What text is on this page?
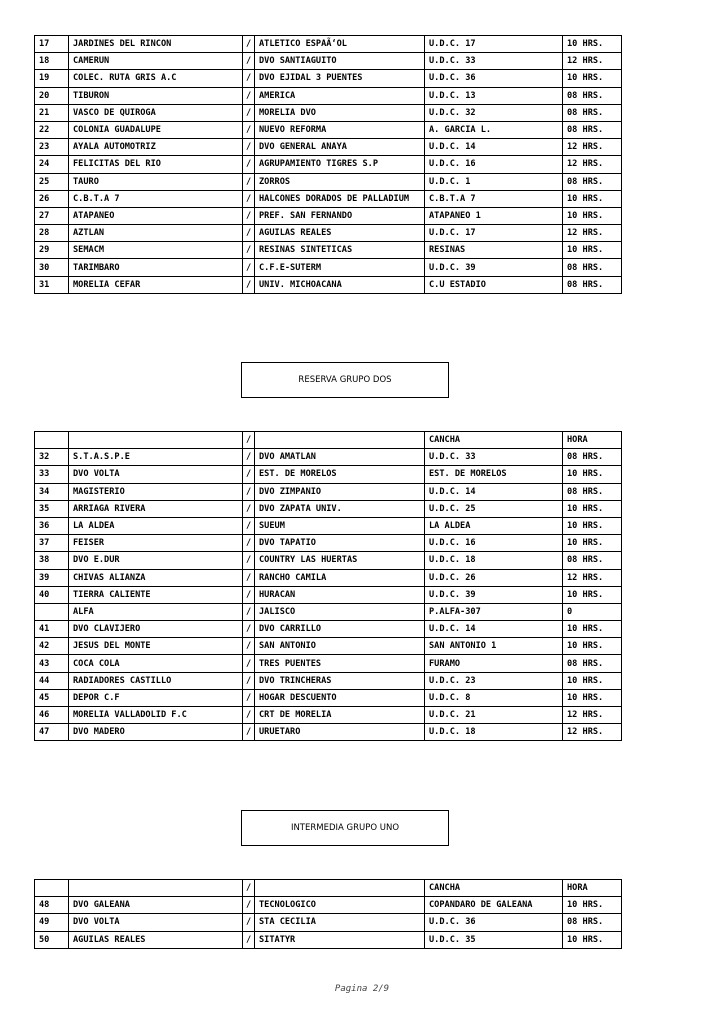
17	JARDINES DEL RINCON	/	ATLETICO ESPAÃ‘OL	U.D.C. 17	10 HRS.
18	CAMERUN	/	DVO SANTIAGUITO	U.D.C. 33	12 HRS.
19	COLEC. RUTA GRIS A.C	/	DVO EJIDAL 3 PUENTES	U.D.C. 36	10 HRS.
20	TIBURON	/	AMERICA	U.D.C. 13	08 HRS.
21	VASCO DE QUIROGA	/	MORELIA DVO	U.D.C. 32	08 HRS.
22	COLONIA GUADALUPE	/	NUEVO REFORMA	A. GARCIA L.	08 HRS.
23	AYALA AUTOMOTRIZ	/	DVO GENERAL ANAYA	U.D.C. 14	12 HRS.
24	FELICITAS DEL RIO	/	AGRUPAMIENTO TIGRES S.P	U.D.C. 16	12 HRS.
25	TAURO	/	ZORROS	U.D.C. 1	08 HRS.
26	C.B.T.A 7	/	HALCONES DORADOS DE PALLADIUM	C.B.T.A 7	10 HRS.
27	ATAPANEO	/	PREF. SAN FERNANDO	ATAPANEO 1	10 HRS.
28	AZTLAN	/	AGUILAS REALES	U.D.C. 17	12 HRS.
29	SEMACM	/	RESINAS SINTETICAS	RESINAS	10 HRS.
30	TARIMBARO	/	C.F.E-SUTERM	U.D.C. 39	08 HRS.
31	MORELIA CEFAR	/	UNIV. MICHOACANA	C.U ESTADIO	08 HRS.
RESERVA GRUPO DOS
		/		CANCHA	HORA
32	S.T.A.S.P.E	/	DVO AMATLAN	U.D.C. 33	08 HRS.
33	DVO VOLTA	/	EST. DE MORELOS	EST. DE MORELOS	10 HRS.
34	MAGISTERIO	/	DVO ZIMPANIO	U.D.C. 14	08 HRS.
35	ARRIAGA RIVERA	/	DVO ZAPATA UNIV.	U.D.C. 25	10 HRS.
36	LA ALDEA	/	SUEUM	LA ALDEA	10 HRS.
37	FEISER	/	DVO TAPATIO	U.D.C. 16	10 HRS.
38	DVO E.DUR	/	COUNTRY LAS HUERTAS	U.D.C. 18	08 HRS.
39	CHIVAS ALIANZA	/	RANCHO CAMILA	U.D.C. 26	12 HRS.
40	TIERRA CALIENTE	/	HURACAN	U.D.C. 39	10 HRS.
	ALFA	/	JALISCO	P.ALFA-307	0
41	DVO CLAVIJERO	/	DVO CARRILLO	U.D.C. 14	10 HRS.
42	JESUS DEL MONTE	/	SAN ANTONIO	SAN ANTONIO 1	10 HRS.
43	COCA COLA	/	TRES PUENTES	FURAMO	08 HRS.
44	RADIADORES CASTILLO	/	DVO TRINCHERAS	U.D.C. 23	10 HRS.
45	DEPOR C.F	/	HOGAR DESCUENTO	U.D.C. 8	10 HRS.
46	MORELIA VALLADOLID F.C	/	CRT DE MORELIA	U.D.C. 21	12 HRS.
47	DVO MADERO	/	URUETARO	U.D.C. 18	12 HRS.
INTERMEDIA GRUPO UNO
		/		CANCHA	HORA
48	DVO GALEANA	/	TECNOLOGICO	COPANDARO DE GALEANA	10 HRS.
49	DVO VOLTA	/	STA CECILIA	U.D.C. 36	08 HRS.
50	AGUILAS REALES	/	SITATYR	U.D.C. 35	10 HRS.
Pagina 2/9
